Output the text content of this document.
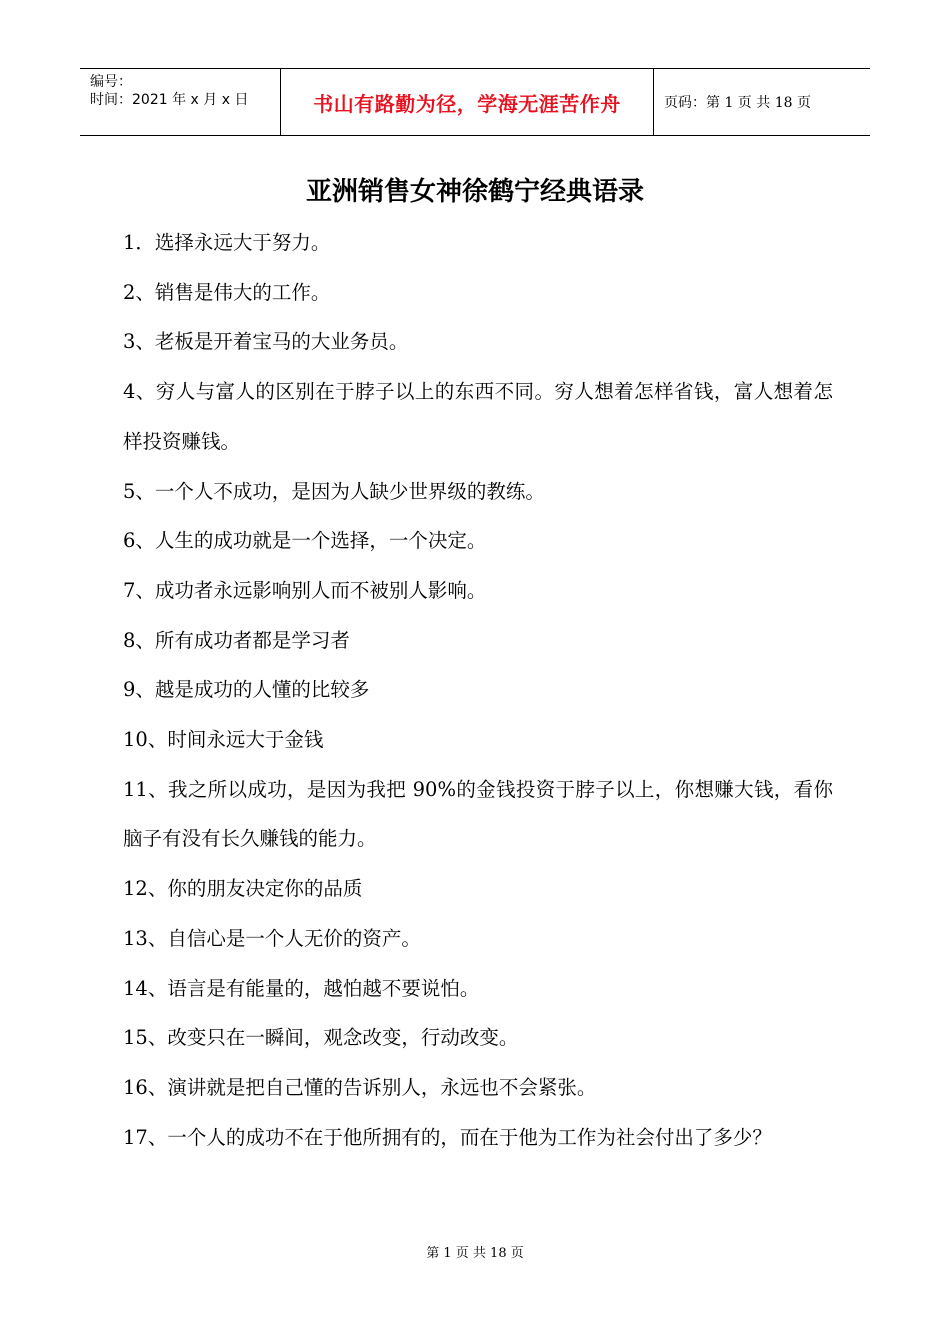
编号：
时间：2021 年 x 月 x 日	书山有路勤为径，学海无涯苦作舟	页码：第 1 页 共 18 页
亚洲销售女神徐鹤宁经典语录

1．选择永远大于努力。

2、销售是伟大的工作。

3、老板是开着宝马的大业务员。

4、穷人与富人的区别在于脖子以上的东西不同。穷人想着怎样省钱，富人想着怎样投资赚钱。

5、一个人不成功，是因为人缺少世界级的教练。

6、人生的成功就是一个选择，一个决定。

7、成功者永远影响别人而不被别人影响。

8、所有成功者都是学习者

9、越是成功的人懂的比较多

10、时间永远大于金钱

11、我之所以成功，是因为我把 90%的金钱投资于脖子以上，你想赚大钱，看你脑子有没有长久赚钱的能力。

12、你的朋友决定你的品质

13、自信心是一个人无价的资产。

14、语言是有能量的，越怕越不要说怕。

15、改变只在一瞬间，观念改变，行动改变。

16、演讲就是把自己懂的告诉别人，永远也不会紧张。

17、一个人的成功不在于他所拥有的，而在于他为工作为社会付出了多少？

第 1 页 共 18 页
